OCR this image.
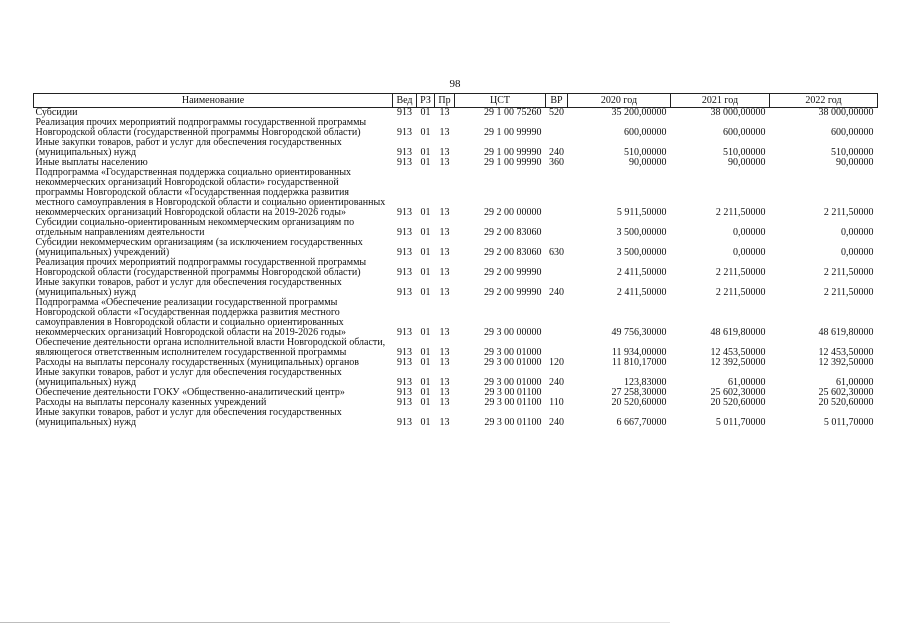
98
Наименование	Вед	РЗ	Пр	ЦСТ	ВР	2020 год	2021 год	2022 год
Субсидии	913	01	13	29 1 00 75260	520	35 200,00000	38 000,00000	38 000,00000
Реализация прочих мероприятий подпрограммы государственной программы Новгородской области (государственной программы Новгородской области)	913	01	13	29 1 00 99990		600,00000	600,00000	600,00000
Иные закупки товаров, работ и услуг для обеспечения государственных (муниципальных) нужд	913	01	13	29 1 00 99990	240	510,00000	510,00000	510,00000
Иные выплаты населению	913	01	13	29 1 00 99990	360	90,00000	90,00000	90,00000
Подпрограмма «Государственная поддержка социально ориентированных некоммерческих организаций Новгородской области» государственной программы Новгородской области «Государственная поддержка развития местного самоуправления в Новгородской области и социально ориентированных некоммерческих организаций Новгородской области на 2019-2026 годы»	913	01	13	29 2 00 00000		5 911,50000	2 211,50000	2 211,50000
Субсидии социально-ориентированным некоммерческим организациям по отдельным направлениям деятельности	913	01	13	29 2 00 83060		3 500,00000	0,00000	0,00000
Субсидии некоммерческим организациям (за исключением государственных (муниципальных) учреждений)	913	01	13	29 2 00 83060	630	3 500,00000	0,00000	0,00000
Реализация прочих мероприятий подпрограммы государственной программы Новгородской области (государственной программы Новгородской области)	913	01	13	29 2 00 99990		2 411,50000	2 211,50000	2 211,50000
Иные закупки товаров, работ и услуг для обеспечения государственных (муниципальных) нужд	913	01	13	29 2 00 99990	240	2 411,50000	2 211,50000	2 211,50000
Подпрограмма «Обеспечение реализации государственной программы Новгородской области «Государственная поддержка развития местного самоуправления в Новгородской области и социально ориентированных некоммерческих организаций Новгородской области на 2019-2026 годы»	913	01	13	29 3 00 00000		49 756,30000	48 619,80000	48 619,80000
Обеспечение деятельности органа исполнительной власти Новгородской области, являющегося ответственным исполнителем государственной программы	913	01	13	29 3 00 01000		11 934,00000	12 453,50000	12 453,50000
Расходы на выплаты персоналу государственных (муниципальных) органов	913	01	13	29 3 00 01000	120	11 810,17000	12 392,50000	12 392,50000
Иные закупки товаров, работ и услуг для обеспечения государственных (муниципальных) нужд	913	01	13	29 3 00 01000	240	123,83000	61,00000	61,00000
Обеспечение деятельности ГОКУ «Общественно-аналитический центр»	913	01	13	29 3 00 01100		27 258,30000	25 602,30000	25 602,30000
Расходы на выплаты персоналу казенных учреждений	913	01	13	29 3 00 01100	110	20 520,60000	20 520,60000	20 520,60000
Иные закупки товаров, работ и услуг для обеспечения государственных (муниципальных) нужд	913	01	13	29 3 00 01100	240	6 667,70000	5 011,70000	5 011,70000
